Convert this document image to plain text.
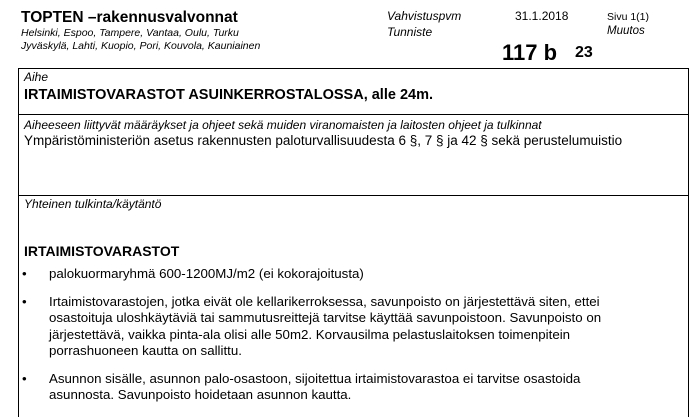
TOPTEN –rakennusvalvonnat
Helsinki, Espoo, Tampere, Vantaa, Oulu, Turku
Jyväskylä, Lahti, Kuopio, Pori, Kouvola, Kauniainen
Vahvistuspvm	31.1.2018
Tunniste
Sivu 1(1)
Muutos
117 b 23
Aihe
IRTAIMISTOVARASTOT ASUINKERROSTALOSSA, alle 24m.
Aiheeseen liittyvät määräykset ja ohjeet sekä muiden viranomaisten ja laitosten ohjeet ja tulkinnat
Ympäristöministeriön asetus rakennusten paloturvallisuudesta 6 §, 7 § ja 42 § sekä perustelumuistio
Yhteinen tulkinta/käytäntö
IRTAIMISTOVARASTOT
• palokuormaryhmä 600-1200MJ/m2 (ei kokorajoitusta)
• Irtaimistovarastojen, jotka eivät ole kellarikerroksessa, savunpoisto on järjestettävä siten, ettei
osastoituja uloshkäytäviä tai sammutusreittejä tarvitse käyttää savunpoistoon. Savunpoisto on
järjestettävä, vaikka pinta-ala olisi alle 50m2. Korvausilma pelastuslaitoksen toimenpitein
porrashuoneen kautta on sallittu.
• Asunnon sisälle, asunnon palo-osastoon, sijoitettua irtaimistovarastoa ei tarvitse osastoida
asunnosta. Savunpoisto hoidetaan asunnon kautta.
